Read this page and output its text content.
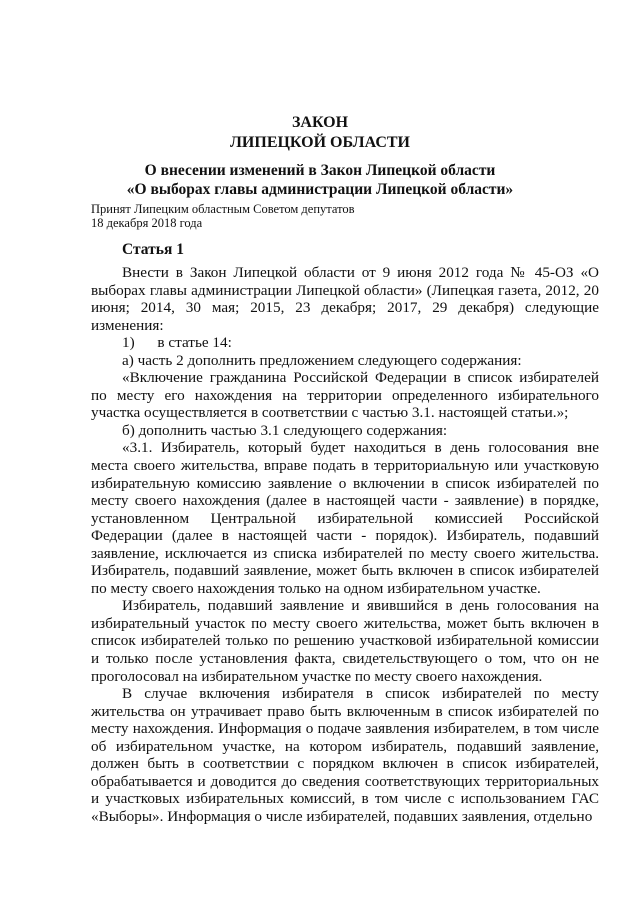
ЗАКОН
ЛИПЕЦКОЙ ОБЛАСТИ
О внесении изменений в Закон Липецкой области
«О выборах главы администрации Липецкой области»
Принят Липецким областным Советом депутатов
18 декабря 2018 года
Статья 1

Внести в Закон Липецкой области от 9 июня 2012 года № 45-ОЗ «О выборах главы администрации Липецкой области» (Липецкая газета, 2012, 20 июня; 2014, 30 мая; 2015, 23 декабря; 2017, 29 декабря) следующие изменения:

1)      в статье 14:

а) часть 2 дополнить предложением следующего содержания:

«Включение гражданина Российской Федерации в список избирателей по месту его нахождения на территории определенного избирательного участка осуществляется в соответствии с частью 3.1. настоящей статьи.»;

б) дополнить частью 3.1 следующего содержания:

«3.1. Избиратель, который будет находиться в день голосования вне места своего жительства, вправе подать в территориальную или участковую избирательную комиссию заявление о включении в список избирателей по месту своего нахождения (далее в настоящей части - заявление) в порядке, установленном Центральной избирательной комиссией Российской Федерации (далее в настоящей части - порядок). Избиратель, подавший заявление, исключается из списка избирателей по месту своего жительства. Избиратель, подавший заявление, может быть включен в список избирателей по месту своего нахождения только на одном избирательном участке.

Избиратель, подавший заявление и явившийся в день голосования на избирательный участок по месту своего жительства, может быть включен в список избирателей только по решению участковой избирательной комиссии и только после установления факта, свидетельствующего о том, что он не проголосовал на избирательном участке по месту своего нахождения.

В случае включения избирателя в список избирателей по месту жительства он утрачивает право быть включенным в список избирателей по месту нахождения. Информация о подаче заявления избирателем, в том числе об избирательном участке, на котором избиратель, подавший заявление, должен быть в соответствии с порядком включен в список избирателей, обрабатывается и доводится до сведения соответствующих территориальных и участковых избирательных комиссий, в том числе с использованием ГАС «Выборы». Информация о числе избирателей, подавших заявления, отдельно
